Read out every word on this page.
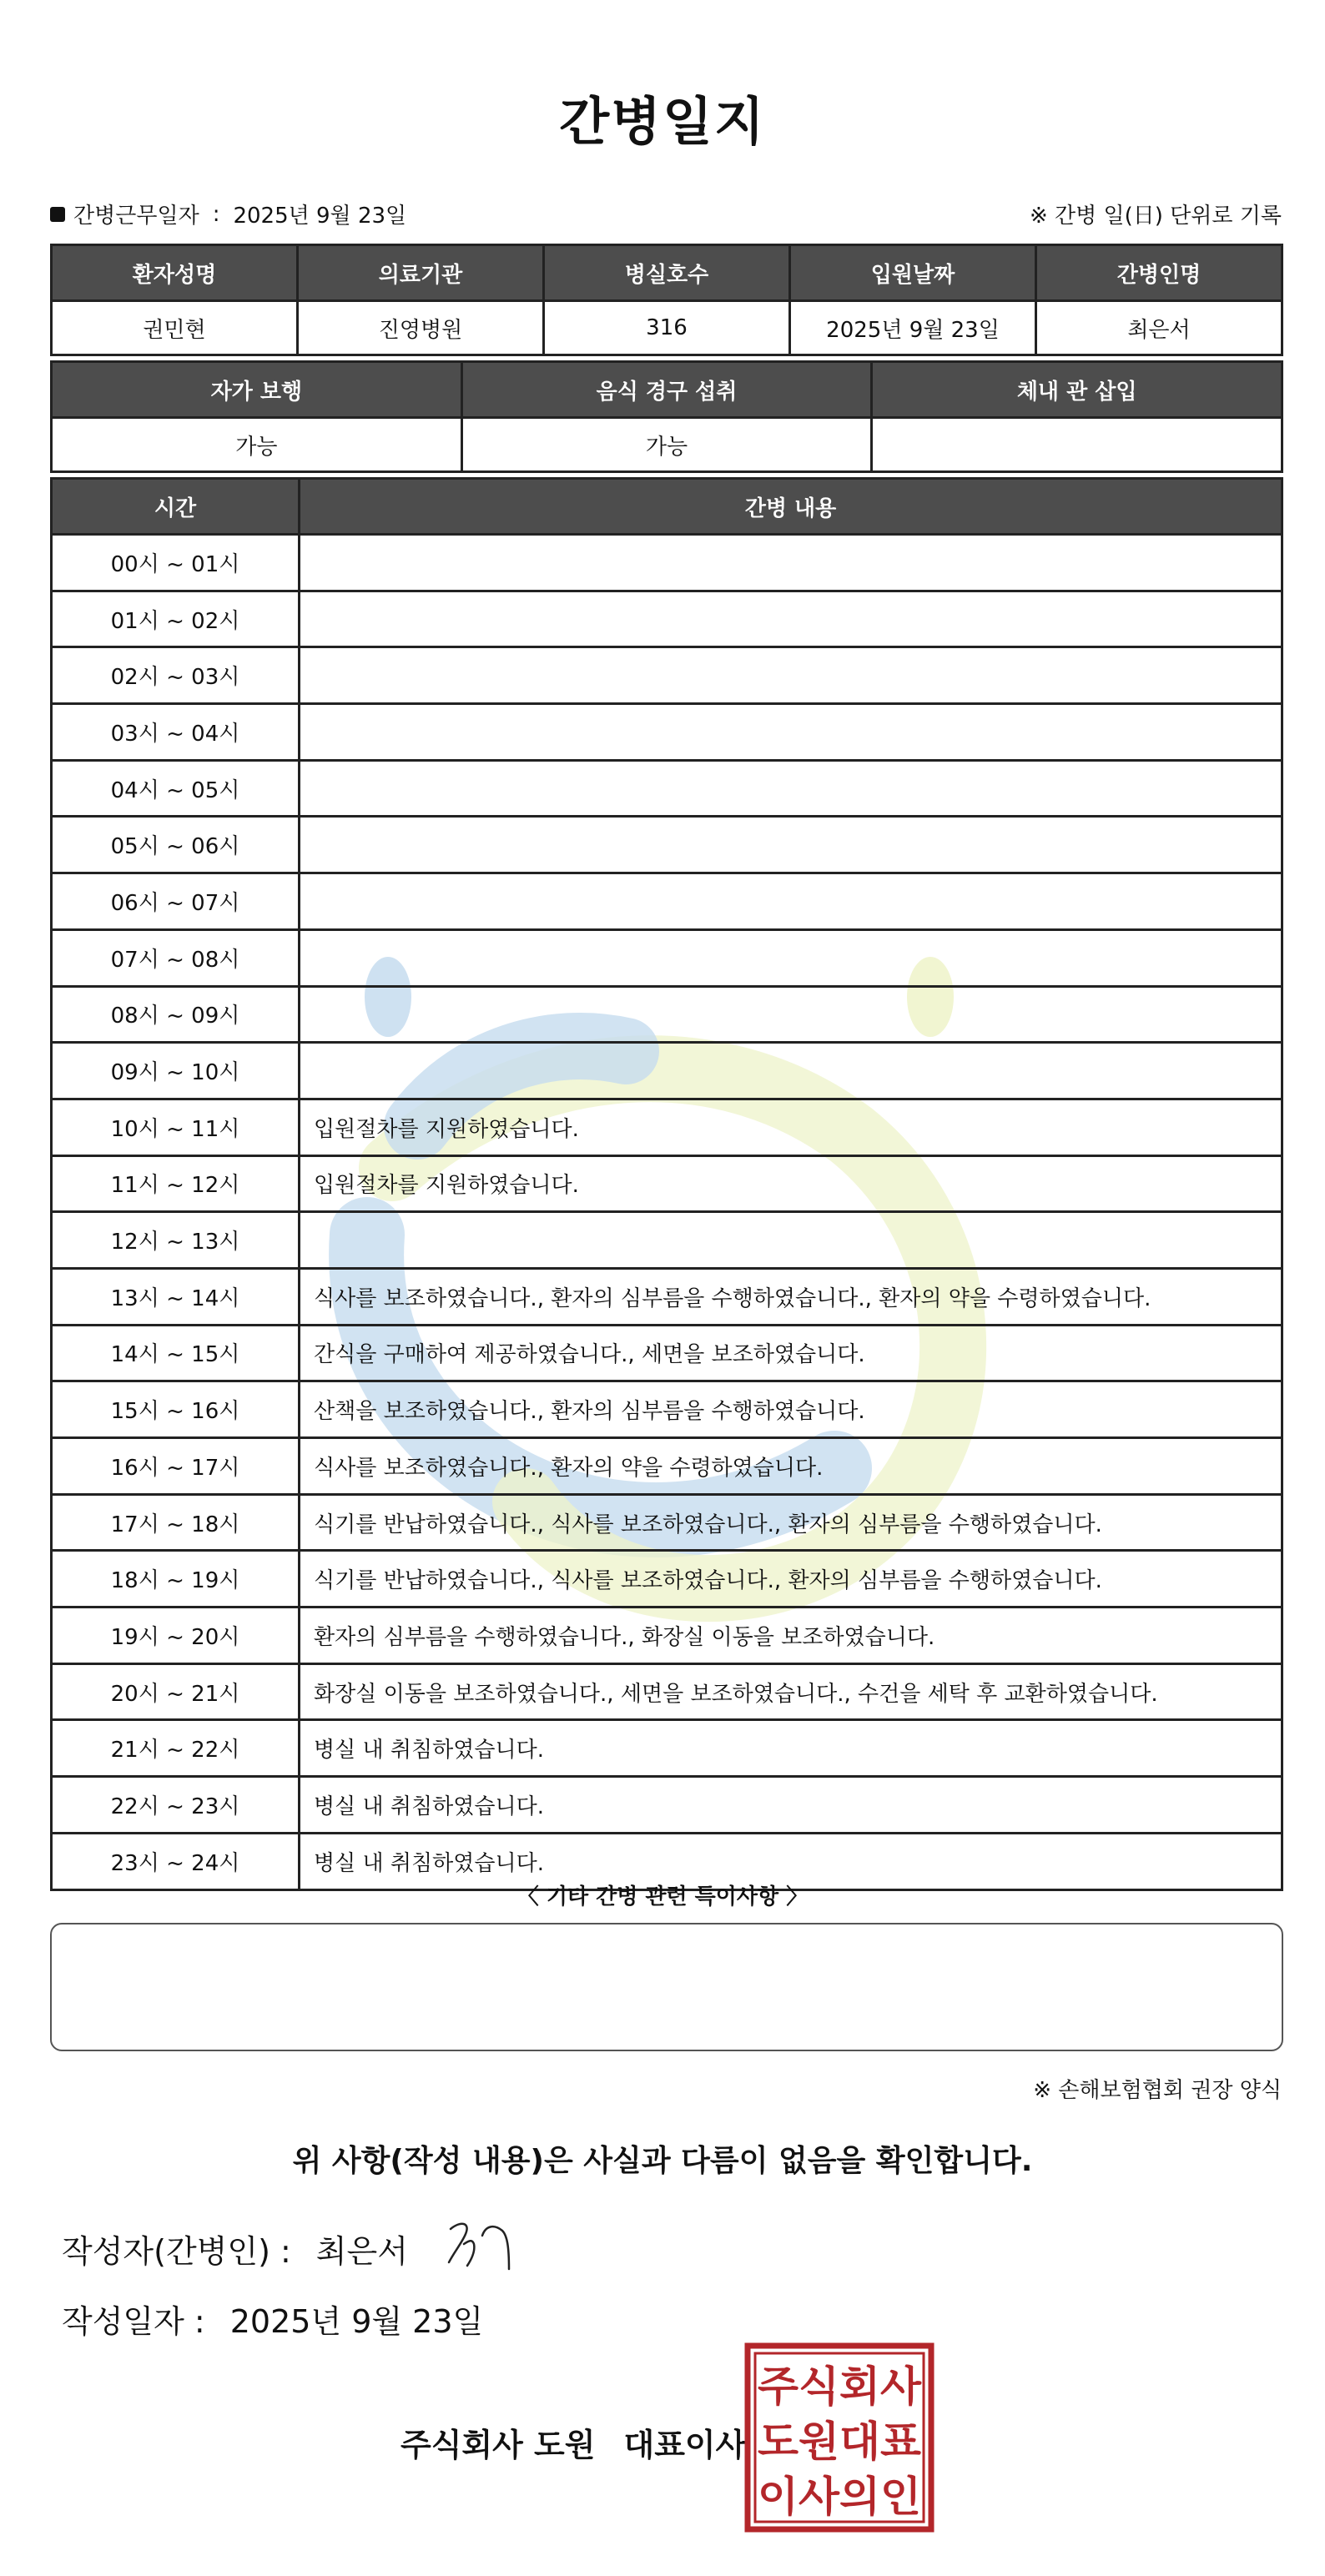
간병일지
간병근무일자 : 2025년 9월 23일	※ 간병 일(日) 단위로 기록
환자성명	의료기관	병실호수	입원날짜	간병인명
권민현	진영병원	316	2025년 9월 23일	최은서
자가 보행	음식 경구 섭취	체내 관 삽입
가능	가능	
시간	간병 내용
00시 ~ 01시	
01시 ~ 02시	
02시 ~ 03시	
03시 ~ 04시	
04시 ~ 05시	
05시 ~ 06시	
06시 ~ 07시	
07시 ~ 08시	
08시 ~ 09시	
09시 ~ 10시	
10시 ~ 11시	입원절차를 지원하였습니다.
11시 ~ 12시	입원절차를 지원하였습니다.
12시 ~ 13시	
13시 ~ 14시	식사를 보조하였습니다., 환자의 심부름을 수행하였습니다., 환자의 약을 수령하였습니다.
14시 ~ 15시	간식을 구매하여 제공하였습니다., 세면을 보조하였습니다.
15시 ~ 16시	산책을 보조하였습니다., 환자의 심부름을 수행하였습니다.
16시 ~ 17시	식사를 보조하였습니다., 환자의 약을 수령하였습니다.
17시 ~ 18시	식기를 반납하였습니다., 식사를 보조하였습니다., 환자의 심부름을 수행하였습니다.
18시 ~ 19시	식기를 반납하였습니다., 식사를 보조하였습니다., 환자의 심부름을 수행하였습니다.
19시 ~ 20시	환자의 심부름을 수행하였습니다., 화장실 이동을 보조하였습니다.
20시 ~ 21시	화장실 이동을 보조하였습니다., 세면을 보조하였습니다., 수건을 세탁 후 교환하였습니다.
21시 ~ 22시	병실 내 취침하였습니다.
22시 ~ 23시	병실 내 취침하였습니다.
23시 ~ 24시	병실 내 취침하였습니다.
〈 기타 간병 관련 특이사항 〉
※ 손해보험협회 권장 양식
위 사항(작성 내용)은 사실과 다름이 없음을 확인합니다.
작성자(간병인) : 최은서
작성일자 : 2025년 9월 23일
주식회사 도원 대표이사
주식회사
도원대표
이사의인
